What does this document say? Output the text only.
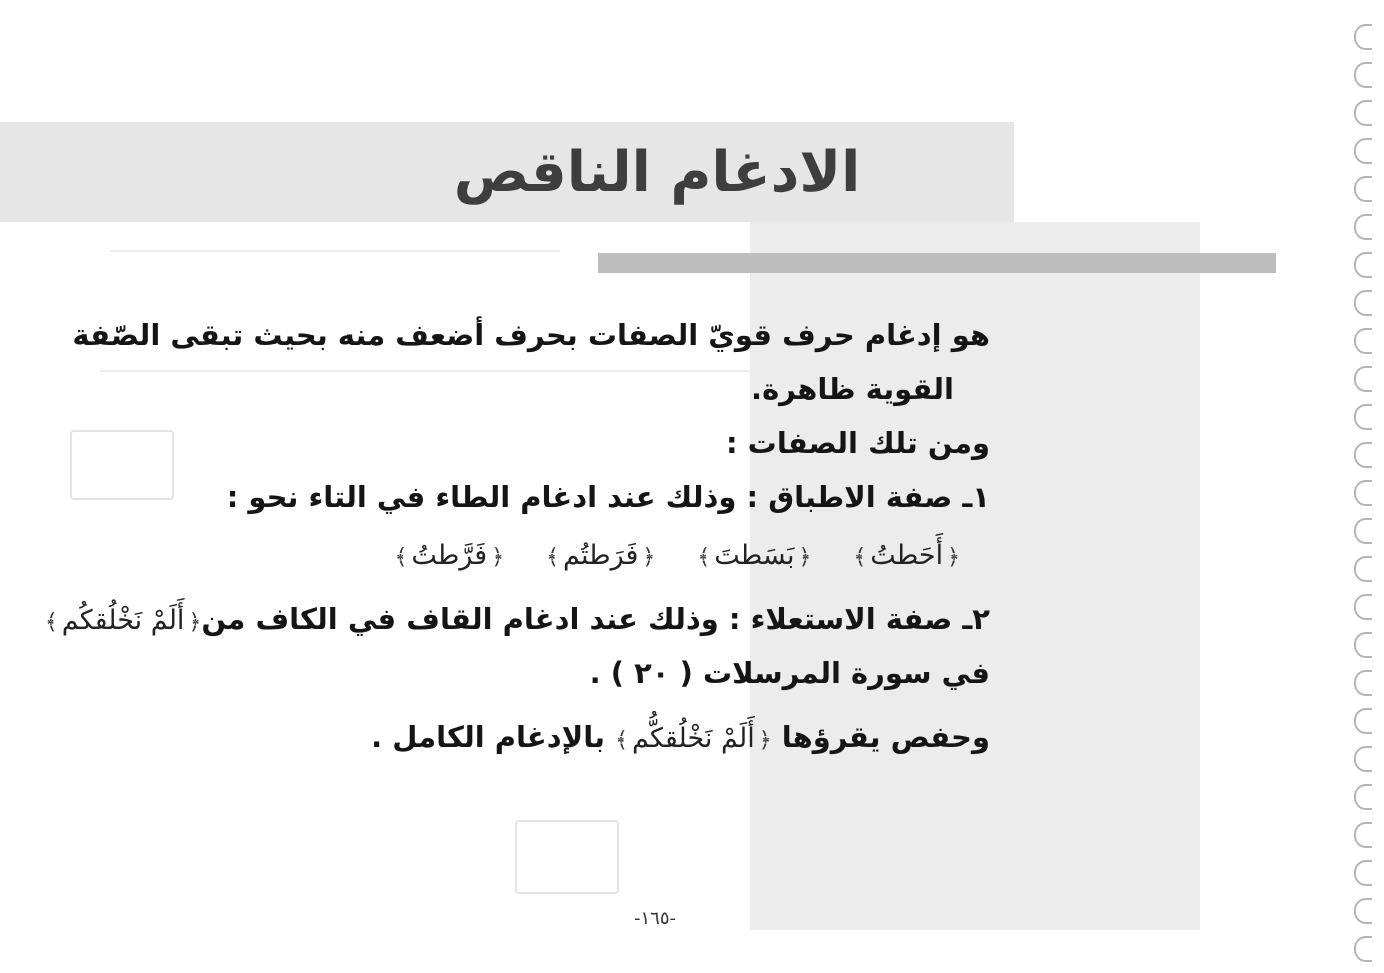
الادغام الناقص
هو إدغام حرف قويّ الصفات بحرف أضعف منه بحيث تبقى الصّفة
القوية ظاهرة.
ومن تلك الصفات :
١ـ صفة الاطباق : وذلك عند ادغام الطاء في التاء نحو :
﴿أَحَطتُ﴾
﴿بَسَطتَ﴾
﴿فَرَطتُم﴾
﴿فَرَّطتُ﴾
٢ـ صفة الاستعلاء : وذلك عند ادغام القاف في الكاف من﴿أَلَمْ نَخْلُقكُم﴾
في سورة المرسلات ( ٢٠ ) .
وحفص يقرؤها ﴿أَلَمْ نَخْلُقكُّم﴾ بالإدغام الكامل .
-١٦٥-
